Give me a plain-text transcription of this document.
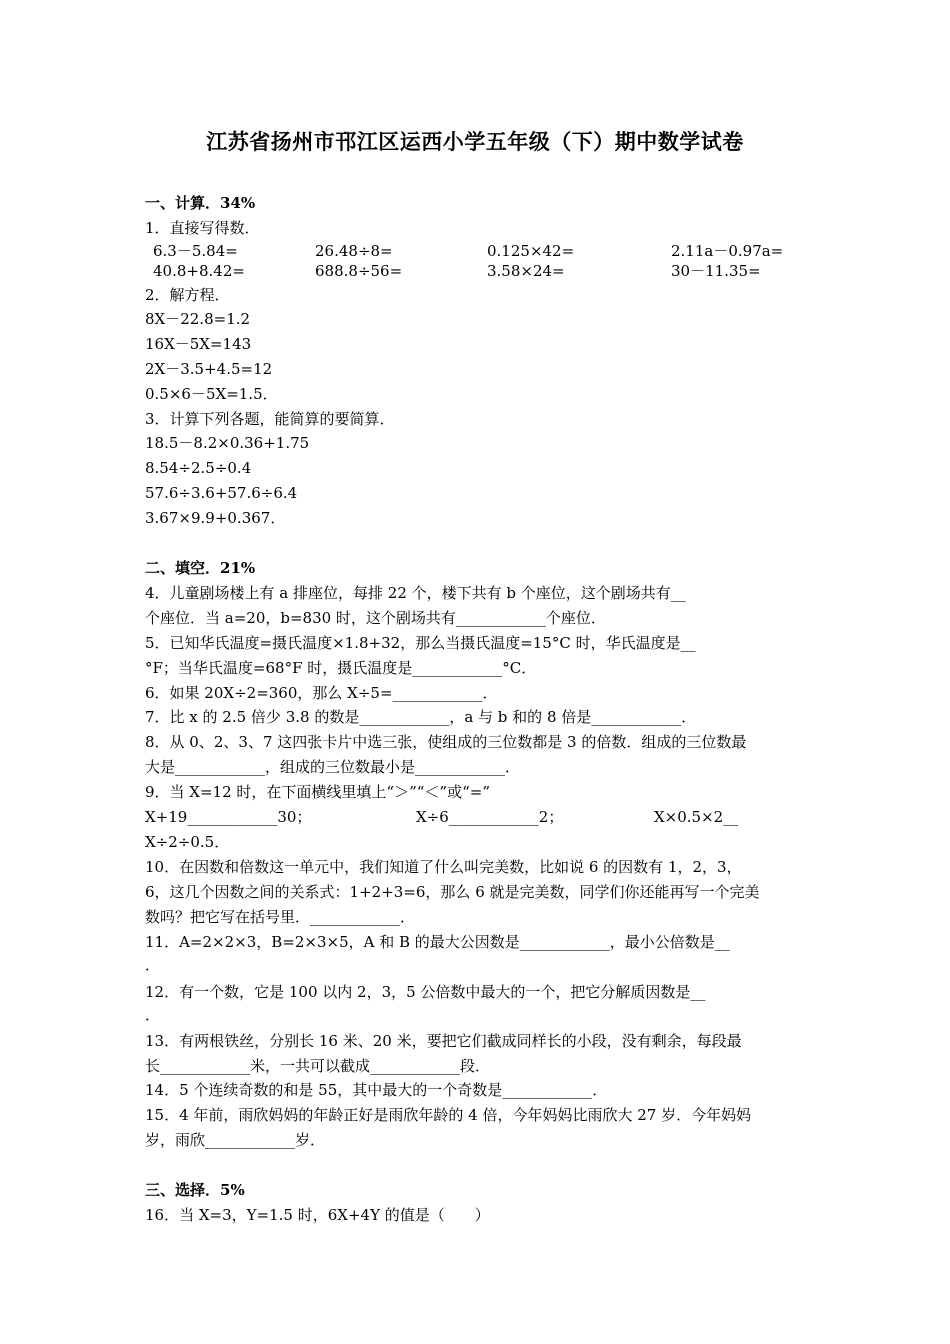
江苏省扬州市邗江区运西小学五年级（下）期中数学试卷
一、计算．34%
1．直接写得数．
6.3－5.84=	26.48÷8=	0.125×42=	2.11a－0.97a=
40.8+8.42=	688.8÷56=	3.58×24=	30－11.35=
2．解方程．
8X－22.8=1.2
16X－5X=143
2X－3.5+4.5=12
0.5×6－5X=1.5．
3．计算下列各题，能简算的要简算．
18.5－8.2×0.36+1.75
8.54÷2.5÷0.4
57.6÷3.6+57.6÷6.4
3.67×9.9+0.367．
二、填空．21%
4．儿童剧场楼上有 a 排座位，每排 22 个，楼下共有 b 个座位，这个剧场共有__
个座位．当 a=20，b=830 时，这个剧场共有____________个座位．
5．已知华氏温度=摄氏温度×1.8+32，那么当摄氏温度=15°C 时，华氏温度是__
°F；当华氏温度=68°F 时，摄氏温度是____________°C．
6．如果 20X÷2=360，那么 X÷5=____________．
7．比 x 的 2.5 倍少 3.8 的数是____________，a 与 b 和的 8 倍是____________．
8．从 0、2、3、7 这四张卡片中选三张，使组成的三位数都是 3 的倍数．组成的三位数最
大是____________，组成的三位数最小是____________．
9．当 X=12 时，在下面横线里填上“＞”“＜”或“=”
X+19____________30；	X÷6____________2；	X×0.5×2__
X÷2÷0.5．
10．在因数和倍数这一单元中，我们知道了什么叫完美数，比如说 6 的因数有 1，2，3，
6，这几个因数之间的关系式：1+2+3=6，那么 6 就是完美数，同学们你还能再写一个完美
数吗？把它写在括号里．____________．
11．A=2×2×3，B=2×3×5，A 和 B 的最大公因数是____________，最小公倍数是__
．
12．有一个数，它是 100 以内 2，3，5 公倍数中最大的一个，把它分解质因数是__
．
13．有两根铁丝，分别长 16 米、20 米，要把它们截成同样长的小段，没有剩余，每段最
长____________米，一共可以截成____________段．
14．5 个连续奇数的和是 55，其中最大的一个奇数是____________．
15．4 年前，雨欣妈妈的年龄正好是雨欣年龄的 4 倍，今年妈妈比雨欣大 27 岁．今年妈妈
岁，雨欣____________岁．
三、选择．5%
16．当 X=3，Y=1.5 时，6X+4Y 的值是（　　）
